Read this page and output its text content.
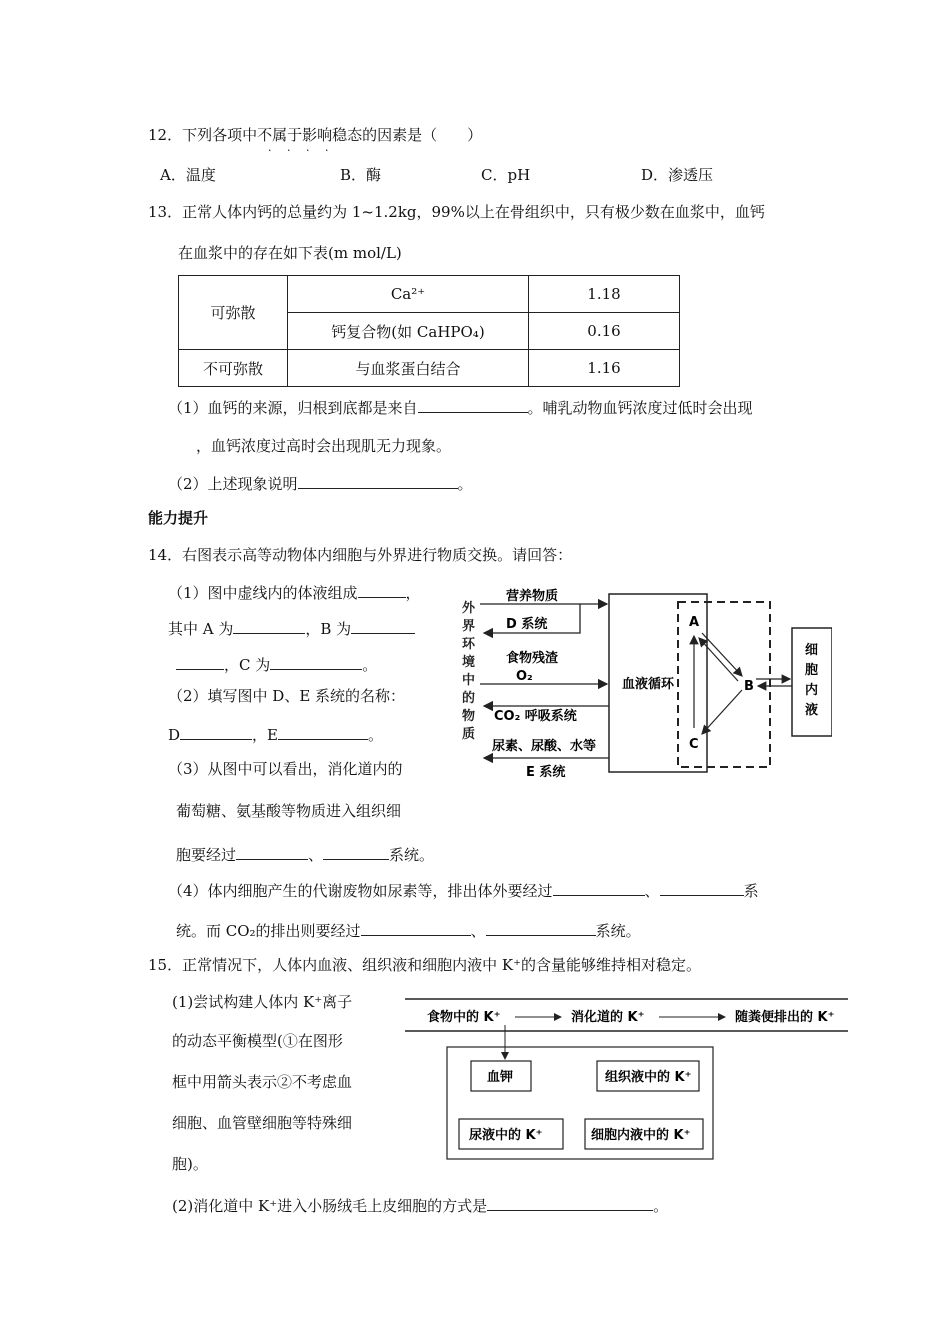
12．下列各项中不属于影响稳态的因素是（　　）
· · · ·
A．温度	B．酶	C．pH	D．渗透压
13．正常人体内钙的总量约为 1~1.2kg，99%以上在骨组织中，只有极少数在血浆中，血钙
在血浆中的存在如下表(m mol/L)
可弥散	Ca²⁺	1.18
	钙复合物(如 CaHPO₄)	0.16
不可弥散	与血浆蛋白结合	1.16
（1）血钙的来源，归根到底都是来自	。哺乳动物血钙浓度过低时会出现
，血钙浓度过高时会出现肌无力现象。
（2）上述现象说明	。
能力提升
14．右图表示高等动物体内细胞与外界进行物质交换。请回答：
（1）图中虚线内的体液组成	，
其中 A 为	，B 为
，C 为	。
（2）填写图中 D、E 系统的名称：
D	，E	。
（3）从图中可以看出，消化道内的
葡萄糖、氨基酸等物质进入组织细
胞要经过	、	系统。
（4）体内细胞产生的代谢废物如尿素等，排出体外要经过	、	系
统。而 CO₂的排出则要经过	、	系统。
外界环 境中的 物质
血液循环
细胞内液
营养物质
D 系统
食物残渣
O₂
CO₂ 呼吸系统
尿素、尿酸、水等
E 系统
A
B
C
15．正常情况下，人体内血液、组织液和细胞内液中 K⁺的含量能够维持相对稳定。
(1)尝试构建人体内 K⁺离子
的动态平衡模型(①在图形
框中用箭头表示②不考虑血
细胞、血管壁细胞等特殊细
胞)。
(2)消化道中 K⁺进入小肠绒毛上皮细胞的方式是	。
食物中的 K⁺	消化道的 K⁺	随粪便排出的 K⁺
血钾	组织液中的 K⁺
尿液中的 K⁺	细胞内液中的 K⁺
